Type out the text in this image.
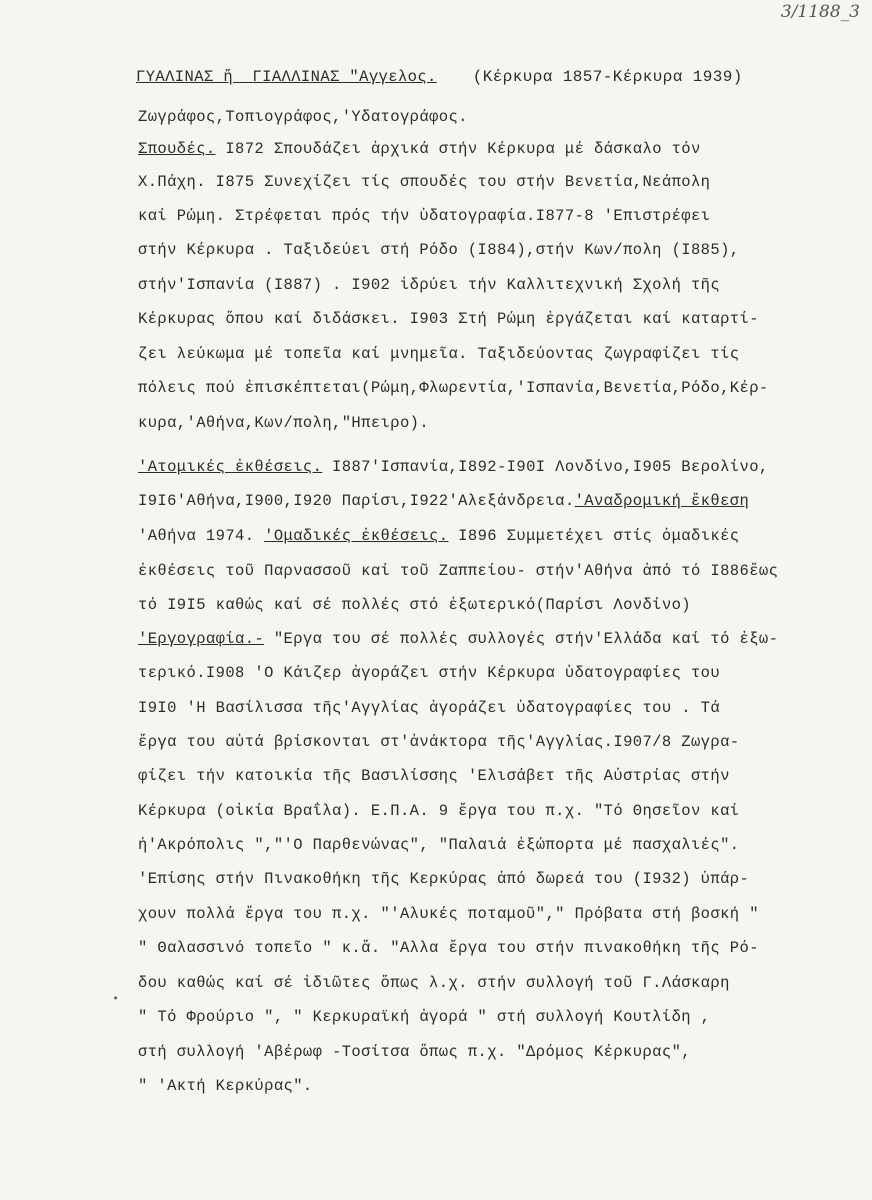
3/1188_3
ΓΥΑΛΙΝΑΣ ἤ  ΓΙΑΛΛΙΝΑΣ "Αγγελος. (Κέρκυρα 1857-Κέρκυρα 1939)
Ζωγράφος,Τοπιογράφος,'Υδατογράφος.
Σπουδές. I872 Σπουδάζει ἀρχικά στήν Κέρκυρα μέ δάσκαλο τόν
Χ.Πάχη. I875 Συνεχίζει τίς σπουδές του στήν Βενετία,Νεάπολη
καί Ρώμη. Στρέφεται πρός τήν ὑδατογραφία.I877-8 'Επιστρέφει
στήν Κέρκυρα . Ταξιδεύει στή Ρόδο (I884),στήν Κων/πολη (I885),
στήν'Ισπανία (I887) . I902 ἱδρύει τήν Καλλιτεχνική Σχολή τῆς
Κέρκυρας ὅπου καί διδάσκει. I903 Στή Ρώμη ἐργάζεται καί καταρτί-
ζει λεύκωμα μέ τοπεῖα καί μνημεῖα. Ταξιδεύοντας ζωγραφίζει τίς
πόλεις πού ἐπισκέπτεται(Ρώμη,Φλωρεντία,'Ισπανία,Βενετία,Ρόδο,Κέρ-
κυρα,'Αθήνα,Κων/πολη,"Ηπειρο).
'Ατομικές ἐκθέσεις. I887'Ισπανία,I892-I90I Λονδίνο,I905 Βερολίνο,
I9I6'Αθήνα,I900,I920 Παρίσι,I922'Αλεξάνδρεια.'Αναδρομική ἔκθεση
'Αθήνα 1974. 'Ομαδικές ἐκθέσεις. I896 Συμμετέχει στίς ὁμαδικές
ἐκθέσεις τοῦ Παρνασσοῦ καί τοῦ Ζαππείου- στήν'Αθήνα ἀπό τό I886ἕως
τό I9I5 καθώς καί σέ πολλές στό ἐξωτερικό(Παρίσι Λονδίνο)
'Εργογραφία.- "Εργα του σέ πολλές συλλογές στήν'Ελλάδα καί τό ἐξω-
τερικό.I908 'Ο Κάιζερ ἀγοράζει στήν Κέρκυρα ὑδατογραφίες του
I9I0 'Η Βασίλισσα τῆς'Αγγλίας ἀγοράζει ὑδατογραφίες του . Τά
ἔργα του αὐτά βρίσκονται στ'ἀνάκτορα τῆς'Αγγλίας.I907/8 Ζωγρα-
φίζει τήν κατοικία τῆς Βασιλίσσης 'Ελισάβετ τῆς Αὐστρίας στήν
Κέρκυρα (οἰκία Βραΐλα). Ε.Π.Α. 9 ἔργα του π.χ. "Τό Θησεῖον καί
ἡ'Ακρόπολις ","'Ο Παρθενώνας", "Παλαιά ἐξώπορτα μέ πασχαλιές".
'Επίσης στήν Πινακοθήκη τῆς Κερκύρας ἀπό δωρεά του (I932) ὑπάρ-
χουν πολλά ἔργα του π.χ. "'Αλυκές ποταμοῦ"," Πρόβατα στή βοσκή "
" Θαλασσινό τοπεῖο " κ.ἄ. "Αλλα ἔργα του στήν πινακοθήκη τῆς Ρό-
δου καθώς καί σέ ἰδιῶτες ὅπως λ.χ. στήν συλλογή τοῦ Γ.Λάσκαρη
" Τό Φρούριο ", " Κερκυραϊκή ἀγορά " στή συλλογή Κουτλίδη ,
στή συλλογή 'Αβέρωφ -Τοσίτσα ὅπως π.χ. "Δρόμος Κέρκυρας",
" 'Ακτή Κερκύρας".
•
